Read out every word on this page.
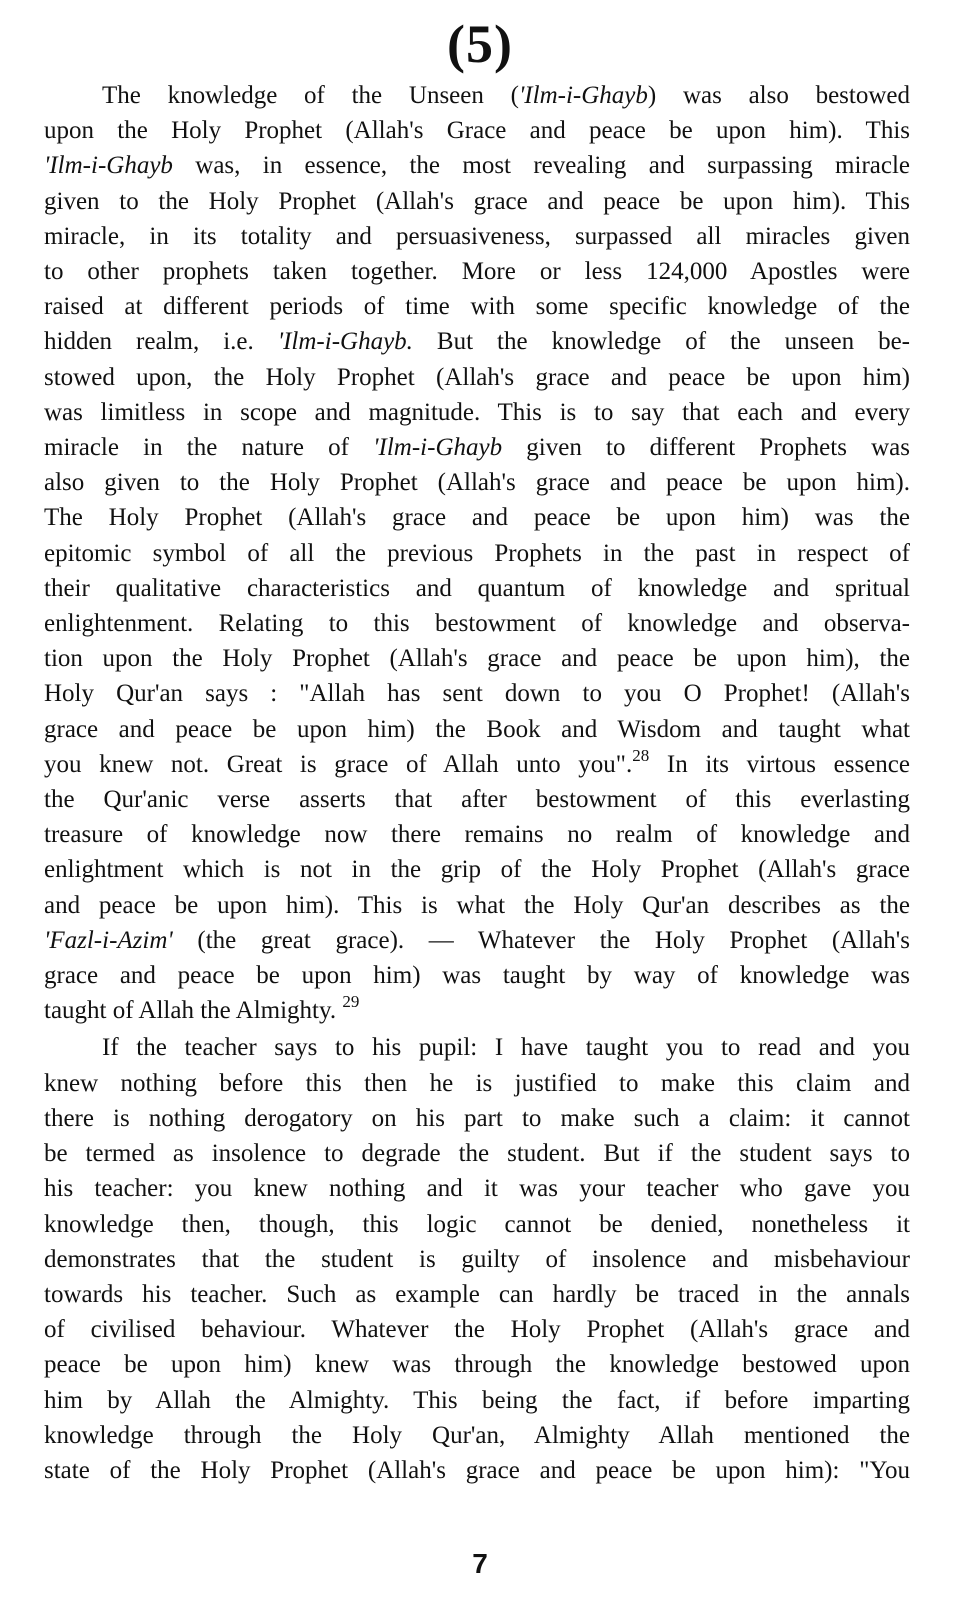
(5)
The knowledge of the Unseen ('Ilm-i-Ghayb) was also bestowed
upon the Holy Prophet (Allah's Grace and peace be upon him). This
'Ilm-i-Ghayb was, in essence, the most revealing and surpassing miracle
given to the Holy Prophet (Allah's grace and peace be upon him). This
miracle, in its totality and persuasiveness, surpassed all miracles given
to other prophets taken together. More or less 124,000 Apostles were
raised at different periods of time with some specific knowledge of the
hidden realm, i.e. 'Ilm-i-Ghayb. But the knowledge of the unseen be-
stowed upon, the Holy Prophet (Allah's grace and peace be upon him)
was limitless in scope and magnitude. This is to say that each and every
miracle in the nature of 'Ilm-i-Ghayb given to different Prophets was
also given to the Holy Prophet (Allah's grace and peace be upon him).
The Holy Prophet (Allah's grace and peace be upon him) was the
epitomic symbol of all the previous Prophets in the past in respect of
their qualitative characteristics and quantum of knowledge and spritual
enlightenment. Relating to this bestowment of knowledge and observa-
tion upon the Holy Prophet (Allah's grace and peace be upon him), the
Holy Qur'an says : "Allah has sent down to you O Prophet! (Allah's
grace and peace be upon him) the Book and Wisdom and taught what
you knew not. Great is grace of Allah unto you".$^{28}$ In its virtous essence
the Qur'anic verse asserts that after bestowment of this everlasting
treasure of knowledge now there remains no realm of knowledge and
enlightment which is not in the grip of the Holy Prophet (Allah's grace
and peace be upon him). This is what the Holy Qur'an describes as the
'Fazl-i-Azim' (the great grace). — Whatever the Holy Prophet (Allah's
grace and peace be upon him) was taught by way of knowledge was
taught of Allah the Almighty. $^{29}$
If the teacher says to his pupil: I have taught you to read and you
knew nothing before this then he is justified to make this claim and
there is nothing derogatory on his part to make such a claim: it cannot
be termed as insolence to degrade the student. But if the student says to
his teacher: you knew nothing and it was your teacher who gave you
knowledge then, though, this logic cannot be denied, nonetheless it
demonstrates that the student is guilty of insolence and misbehaviour
towards his teacher. Such as example can hardly be traced in the annals
of civilised behaviour. Whatever the Holy Prophet (Allah's grace and
peace be upon him) knew was through the knowledge bestowed upon
him by Allah the Almighty. This being the fact, if before imparting
knowledge through the Holy Qur'an, Almighty Allah mentioned the
state of the Holy Prophet (Allah's grace and peace be upon him): "You
7
